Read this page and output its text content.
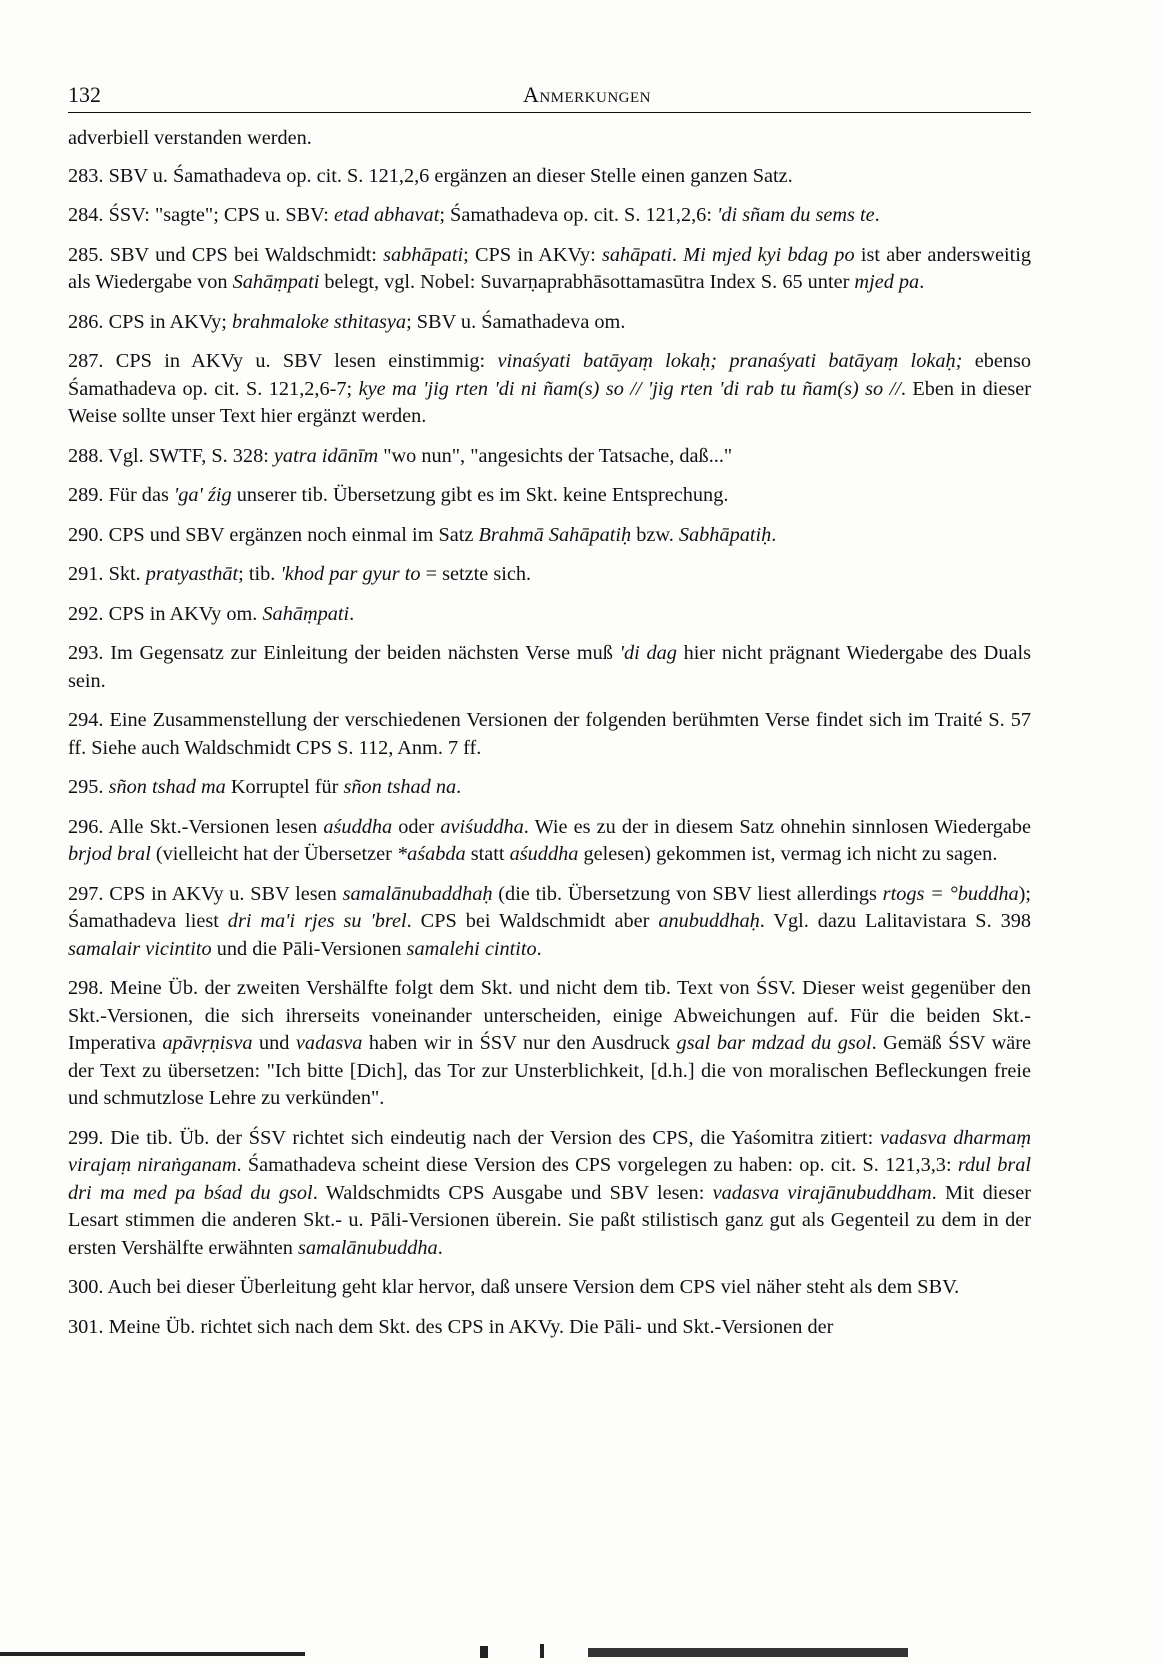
132	Anmerkungen
adverbiell verstanden werden.
283. SBV u. Śamathadeva op. cit. S. 121,2,6 ergänzen an dieser Stelle einen ganzen Satz.
284. ŚSV: "sagte"; CPS u. SBV: etad abhavat; Śamathadeva op. cit. S. 121,2,6: 'di sñam du sems te.
285. SBV und CPS bei Waldschmidt: sabhāpati; CPS in AKVy: sahāpati. Mi mjed kyi bdag po ist aber andersweitig als Wiedergabe von Sahāṃpati belegt, vgl. Nobel: Suvarṇaprabhāsottamasūtra Index S. 65 unter mjed pa.
286. CPS in AKVy; brahmaloke sthitasya; SBV u. Śamathadeva om.
287. CPS in AKVy u. SBV lesen einstimmig: vinaśyati batāyaṃ lokaḥ; pranaśyati batāyaṃ lokaḥ; ebenso Śamathadeva op. cit. S. 121,2,6-7; kye ma 'jig rten 'di ni ñam(s) so // 'jig rten 'di rab tu ñam(s) so //. Eben in dieser Weise sollte unser Text hier ergänzt werden.
288. Vgl. SWTF, S. 328: yatra idānīm "wo nun", "angesichts der Tatsache, daß..."
289. Für das 'ga' źig unserer tib. Übersetzung gibt es im Skt. keine Entsprechung.
290. CPS und SBV ergänzen noch einmal im Satz Brahmā Sahāpatiḥ bzw. Sabhāpatiḥ.
291. Skt. pratyasthāt; tib. 'khod par gyur to = setzte sich.
292. CPS in AKVy om. Sahāṃpati.
293. Im Gegensatz zur Einleitung der beiden nächsten Verse muß 'di dag hier nicht prägnant Wiedergabe des Duals sein.
294. Eine Zusammenstellung der verschiedenen Versionen der folgenden berühmten Verse findet sich im Traité S. 57 ff. Siehe auch Waldschmidt CPS S. 112, Anm. 7 ff.
295. sñon tshad ma Korruptel für sñon tshad na.
296. Alle Skt.-Versionen lesen aśuddha oder aviśuddha. Wie es zu der in diesem Satz ohnehin sinnlosen Wiedergabe brjod bral (vielleicht hat der Übersetzer *aśabda statt aśuddha gelesen) gekommen ist, vermag ich nicht zu sagen.
297. CPS in AKVy u. SBV lesen samalānubaddhaḥ (die tib. Übersetzung von SBV liest allerdings rtogs = °buddha); Śamathadeva liest dri ma'i rjes su 'brel. CPS bei Waldschmidt aber anubuddhaḥ. Vgl. dazu Lalitavistara S. 398 samalair vicintito und die Pāli-Versionen samalehi cintito.
298. Meine Üb. der zweiten Vershälfte folgt dem Skt. und nicht dem tib. Text von ŚSV. Dieser weist gegenüber den Skt.-Versionen, die sich ihrerseits voneinander unterscheiden, einige Abweichungen auf. Für die beiden Skt.-Imperativa apāvṛṇisva und vadasva haben wir in ŚSV nur den Ausdruck gsal bar mdzad du gsol. Gemäß ŚSV wäre der Text zu übersetzen: "Ich bitte [Dich], das Tor zur Unsterblichkeit, [d.h.] die von moralischen Befleckungen freie und schmutzlose Lehre zu verkünden".
299. Die tib. Üb. der ŚSV richtet sich eindeutig nach der Version des CPS, die Yaśomitra zitiert: vadasva dharmaṃ virajaṃ niraṅganam. Śamathadeva scheint diese Version des CPS vorgelegen zu haben: op. cit. S. 121,3,3: rdul bral dri ma med pa bśad du gsol. Waldschmidts CPS Ausgabe und SBV lesen: vadasva virajānubuddham. Mit dieser Lesart stimmen die anderen Skt.- u. Pāli-Versionen überein. Sie paßt stilistisch ganz gut als Gegenteil zu dem in der ersten Vershälfte erwähnten samalānubuddha.
300. Auch bei dieser Überleitung geht klar hervor, daß unsere Version dem CPS viel näher steht als dem SBV.
301. Meine Üb. richtet sich nach dem Skt. des CPS in AKVy. Die Pāli- und Skt.-Versionen der
